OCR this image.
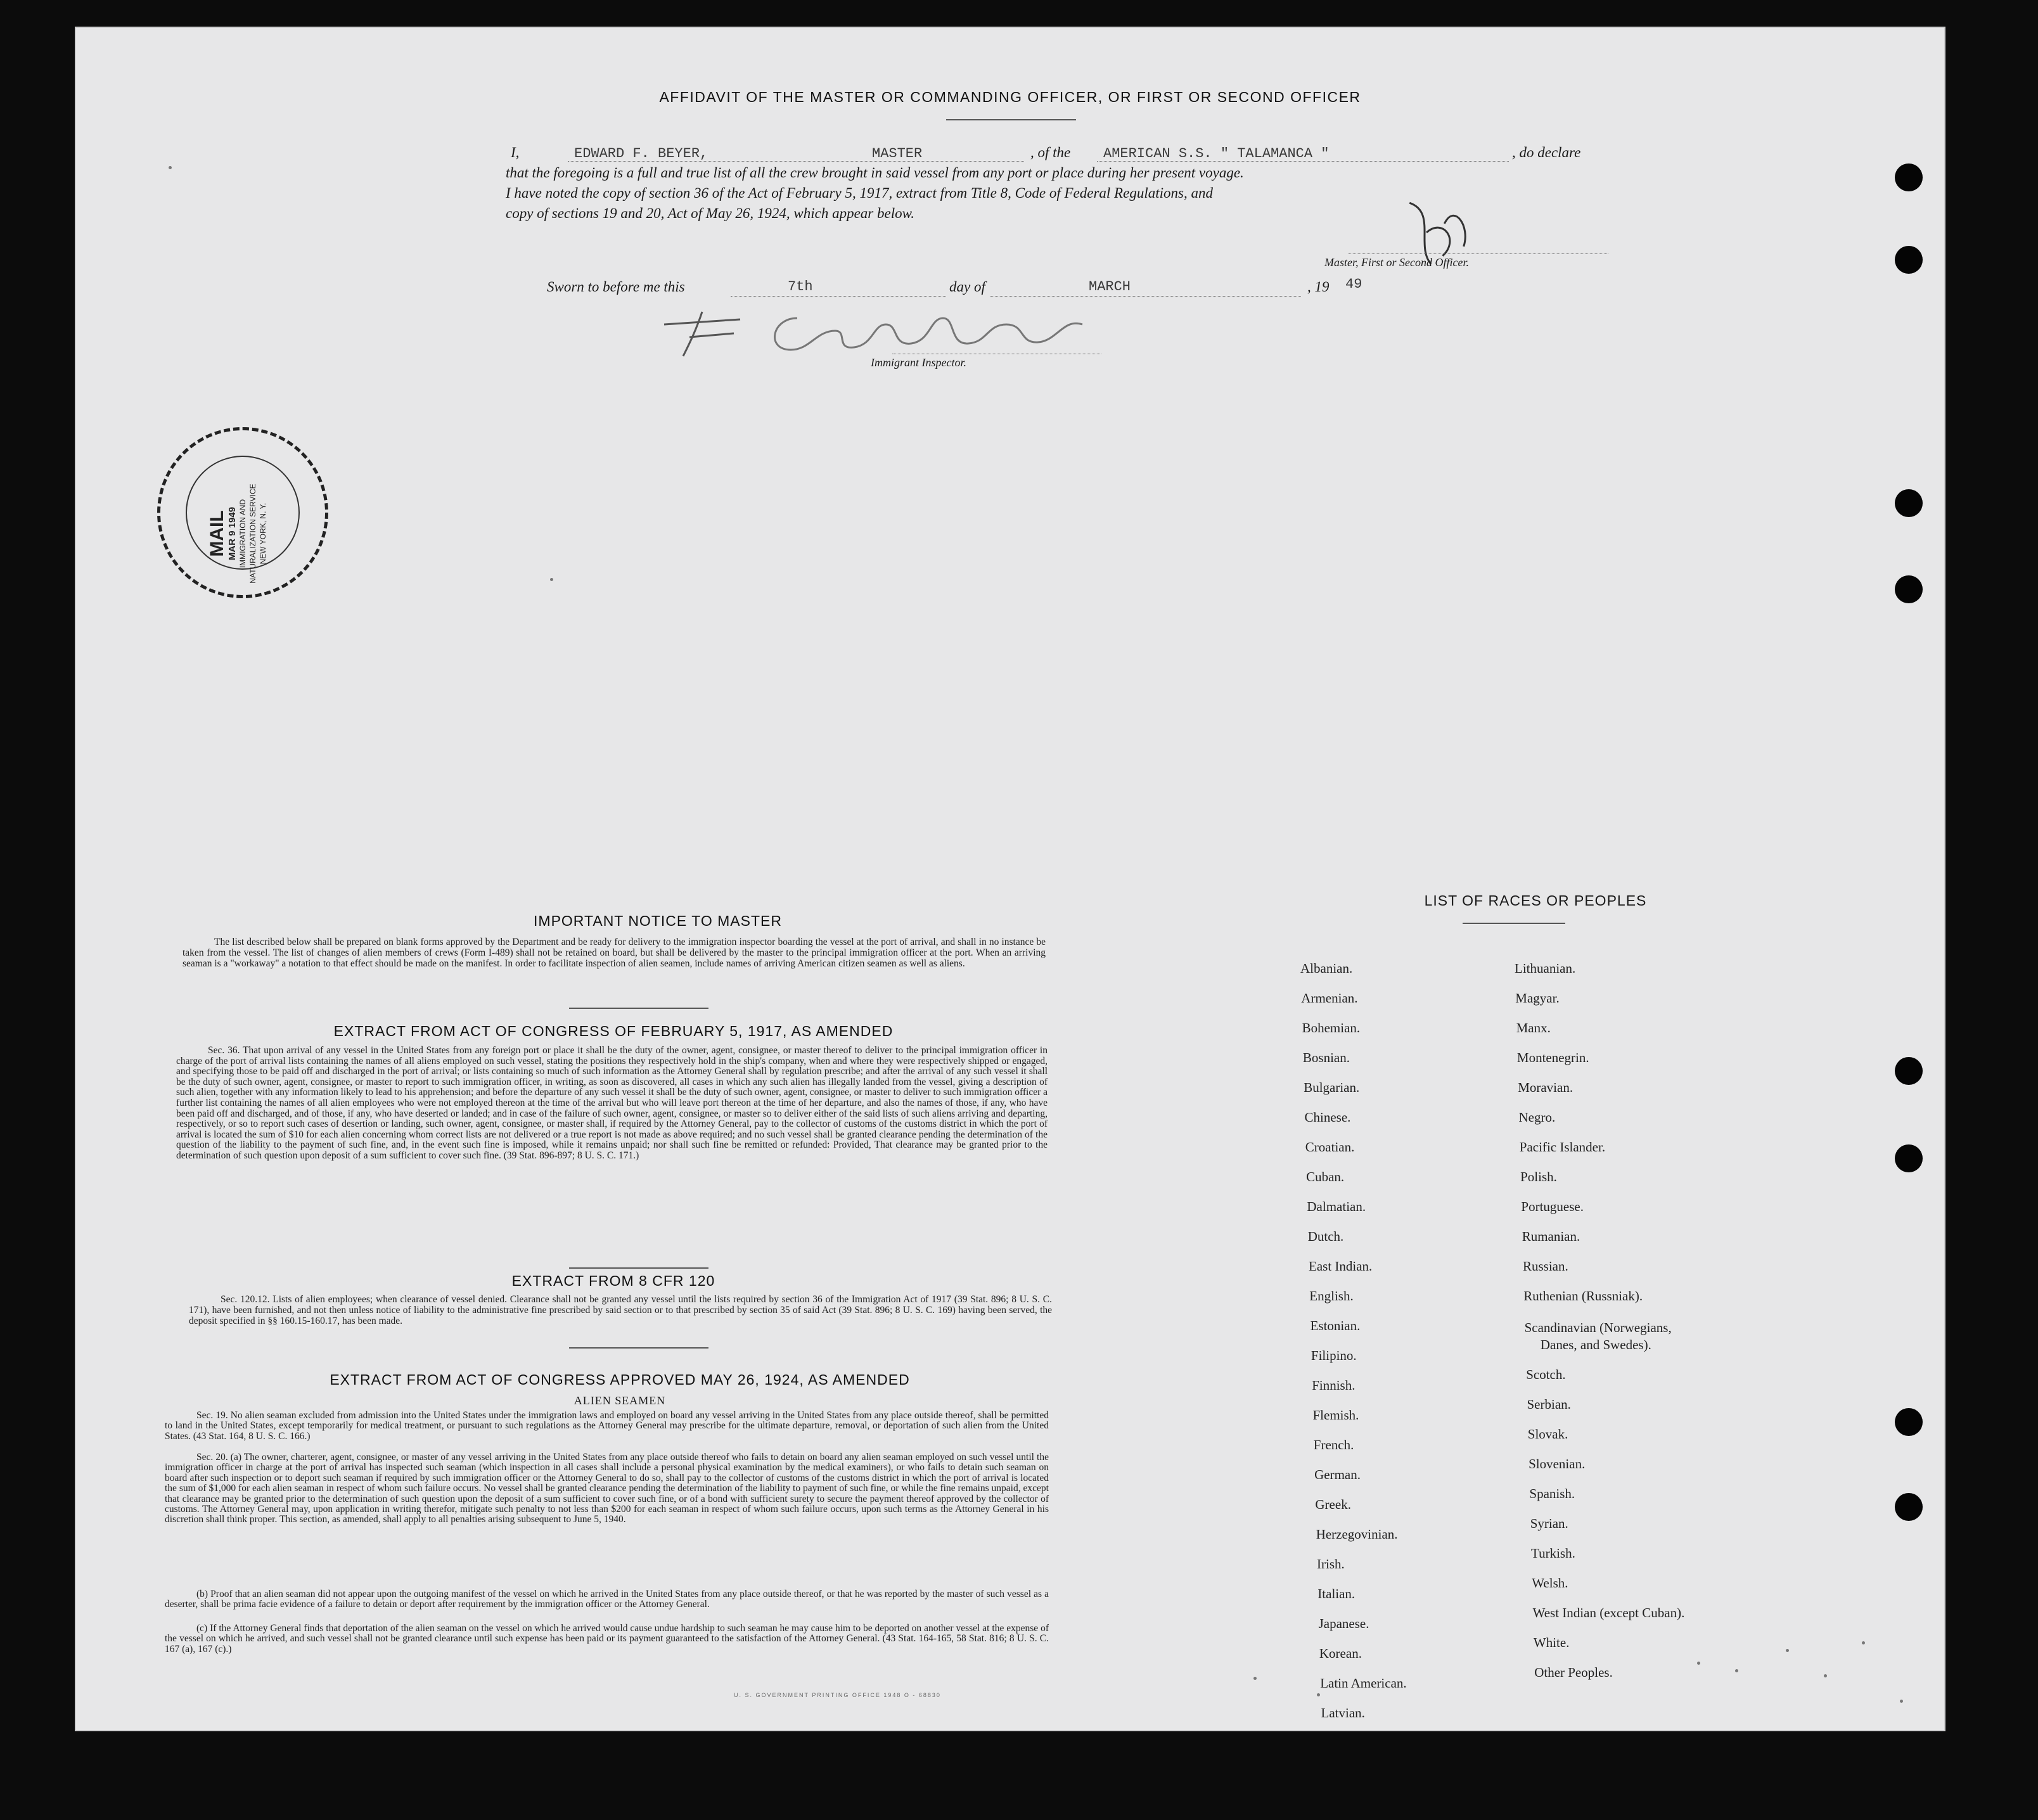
AFFIDAVIT OF THE MASTER OR COMMANDING OFFICER, OR FIRST OR SECOND OFFICER
I,	EDWARD F. BEYER,	MASTER	, of the AMERICAN S.S. " TALAMANCA "	, do declare
that the foregoing is a full and true list of all the crew brought in said vessel from any port or place during her present voyage.
I have noted the copy of section 36 of the Act of February 5, 1917, extract from Title 8, Code of Federal Regulations, and
copy of sections 19 and 20, Act of May 26, 1924, which appear below.
Master, First or Second Officer.
Sworn to before me this	7th	day of	MARCH	, 19 49
Immigrant Inspector.
MAIL MAR 9 1949 IMMIGRATION AND NATURALIZATION SERVICE NEW YORK, N. Y.
IMPORTANT NOTICE TO MASTER
The list described below shall be prepared on blank forms approved by the Department and be ready for delivery to the immigration inspector boarding the vessel at the port of arrival, and shall in no instance be taken from the vessel. The list of changes of alien members of crews (Form I-489) shall not be retained on board, but shall be delivered by the master to the principal immigration officer at the port. When an arriving seaman is a "workaway" a notation to that effect should be made on the manifest. In order to facilitate inspection of alien seamen, include names of arriving American citizen seamen as well as aliens.
EXTRACT FROM ACT OF CONGRESS OF FEBRUARY 5, 1917, AS AMENDED
Sec. 36. That upon arrival of any vessel in the United States from any foreign port or place it shall be the duty of the owner, agent, consignee, or master thereof to deliver to the principal immigration officer in charge of the port of arrival lists containing the names of all aliens employed on such vessel, stating the positions they respectively hold in the ship's company, when and where they were respectively shipped or engaged, and specifying those to be paid off and discharged in the port of arrival; or lists containing so much of such information as the Attorney General shall by regulation prescribe; and after the arrival of any such vessel it shall be the duty of such owner, agent, consignee, or master to report to such immigration officer, in writing, as soon as discovered, all cases in which any such alien has illegally landed from the vessel, giving a description of such alien, together with any information likely to lead to his apprehension; and before the departure of any such vessel it shall be the duty of such owner, agent, consignee, or master to deliver to such immigration officer a further list containing the names of all alien employees who were not employed thereon at the time of the arrival but who will leave port thereon at the time of her departure, and also the names of those, if any, who have been paid off and discharged, and of those, if any, who have deserted or landed; and in case of the failure of such owner, agent, consignee, or master so to deliver either of the said lists of such aliens arriving and departing, respectively, or so to report such cases of desertion or landing, such owner, agent, consignee, or master shall, if required by the Attorney General, pay to the collector of customs of the customs district in which the port of arrival is located the sum of $10 for each alien concerning whom correct lists are not delivered or a true report is not made as above required; and no such vessel shall be granted clearance pending the determination of the question of the liability to the payment of such fine, and, in the event such fine is imposed, while it remains unpaid; nor shall such fine be remitted or refunded: Provided, That clearance may be granted prior to the determination of such question upon deposit of a sum sufficient to cover such fine. (39 Stat. 896-897; 8 U. S. C. 171.)
EXTRACT FROM 8 CFR 120
Sec. 120.12. Lists of alien employees; when clearance of vessel denied. Clearance shall not be granted any vessel until the lists required by section 36 of the Immigration Act of 1917 (39 Stat. 896; 8 U. S. C. 171), have been furnished, and not then unless notice of liability to the administrative fine prescribed by said section or to that prescribed by section 35 of said Act (39 Stat. 896; 8 U. S. C. 169) having been served, the deposit specified in §§ 160.15-160.17, has been made.
EXTRACT FROM ACT OF CONGRESS APPROVED MAY 26, 1924, AS AMENDED
ALIEN SEAMEN
Sec. 19. No alien seaman excluded from admission into the United States under the immigration laws and employed on board any vessel arriving in the United States from any place outside thereof, shall be permitted to land in the United States, except temporarily for medical treatment, or pursuant to such regulations as the Attorney General may prescribe for the ultimate departure, removal, or deportation of such alien from the United States. (43 Stat. 164, 8 U. S. C. 166.)
Sec. 20. (a) The owner, charterer, agent, consignee, or master of any vessel arriving in the United States from any place outside thereof who fails to detain on board any alien seaman employed on such vessel until the immigration officer in charge at the port of arrival has inspected such seaman (which inspection in all cases shall include a personal physical examination by the medical examiners), or who fails to detain such seaman on board after such inspection or to deport such seaman if required by such immigration officer or the Attorney General to do so, shall pay to the collector of customs of the customs district in which the port of arrival is located the sum of $1,000 for each alien seaman in respect of whom such failure occurs. No vessel shall be granted clearance pending the determination of the liability to payment of such fine, or while the fine remains unpaid, except that clearance may be granted prior to the determination of such question upon the deposit of a sum sufficient to cover such fine, or of a bond with sufficient surety to secure the payment thereof approved by the collector of customs. The Attorney General may, upon application in writing therefor, mitigate such penalty to not less than $200 for each seaman in respect of whom such failure occurs, upon such terms as the Attorney General in his discretion shall think proper. This section, as amended, shall apply to all penalties arising subsequent to June 5, 1940.
(b) Proof that an alien seaman did not appear upon the outgoing manifest of the vessel on which he arrived in the United States from any place outside thereof, or that he was reported by the master of such vessel as a deserter, shall be prima facie evidence of a failure to detain or deport after requirement by the immigration officer or the Attorney General.
(c) If the Attorney General finds that deportation of the alien seaman on the vessel on which he arrived would cause undue hardship to such seaman he may cause him to be deported on another vessel at the expense of the vessel on which he arrived, and such vessel shall not be granted clearance until such expense has been paid or its payment guaranteed to the satisfaction of the Attorney General. (43 Stat. 164-165, 58 Stat. 816; 8 U. S. C. 167 (a), 167 (c).)
LIST OF RACES OR PEOPLES
Albanian.
Armenian.
Bohemian.
Bosnian.
Bulgarian.
Chinese.
Croatian.
Cuban.
Dalmatian.
Dutch.
East Indian.
English.
Estonian.
Filipino.
Finnish.
Flemish.
French.
German.
Greek.
Herzegovinian.
Irish.
Italian.
Japanese.
Korean.
Latin American.
Latvian.
Lithuanian.
Magyar.
Manx.
Montenegrin.
Moravian.
Negro.
Pacific Islander.
Polish.
Portuguese.
Rumanian.
Russian.
Ruthenian (Russniak).
Scandinavian (Norwegians,
Danes, and Swedes).
Scotch.
Serbian.
Slovak.
Slovenian.
Spanish.
Syrian.
Turkish.
Welsh.
West Indian (except Cuban).
White.
Other Peoples.
U. S. GOVERNMENT PRINTING OFFICE 1948 O - 68830
